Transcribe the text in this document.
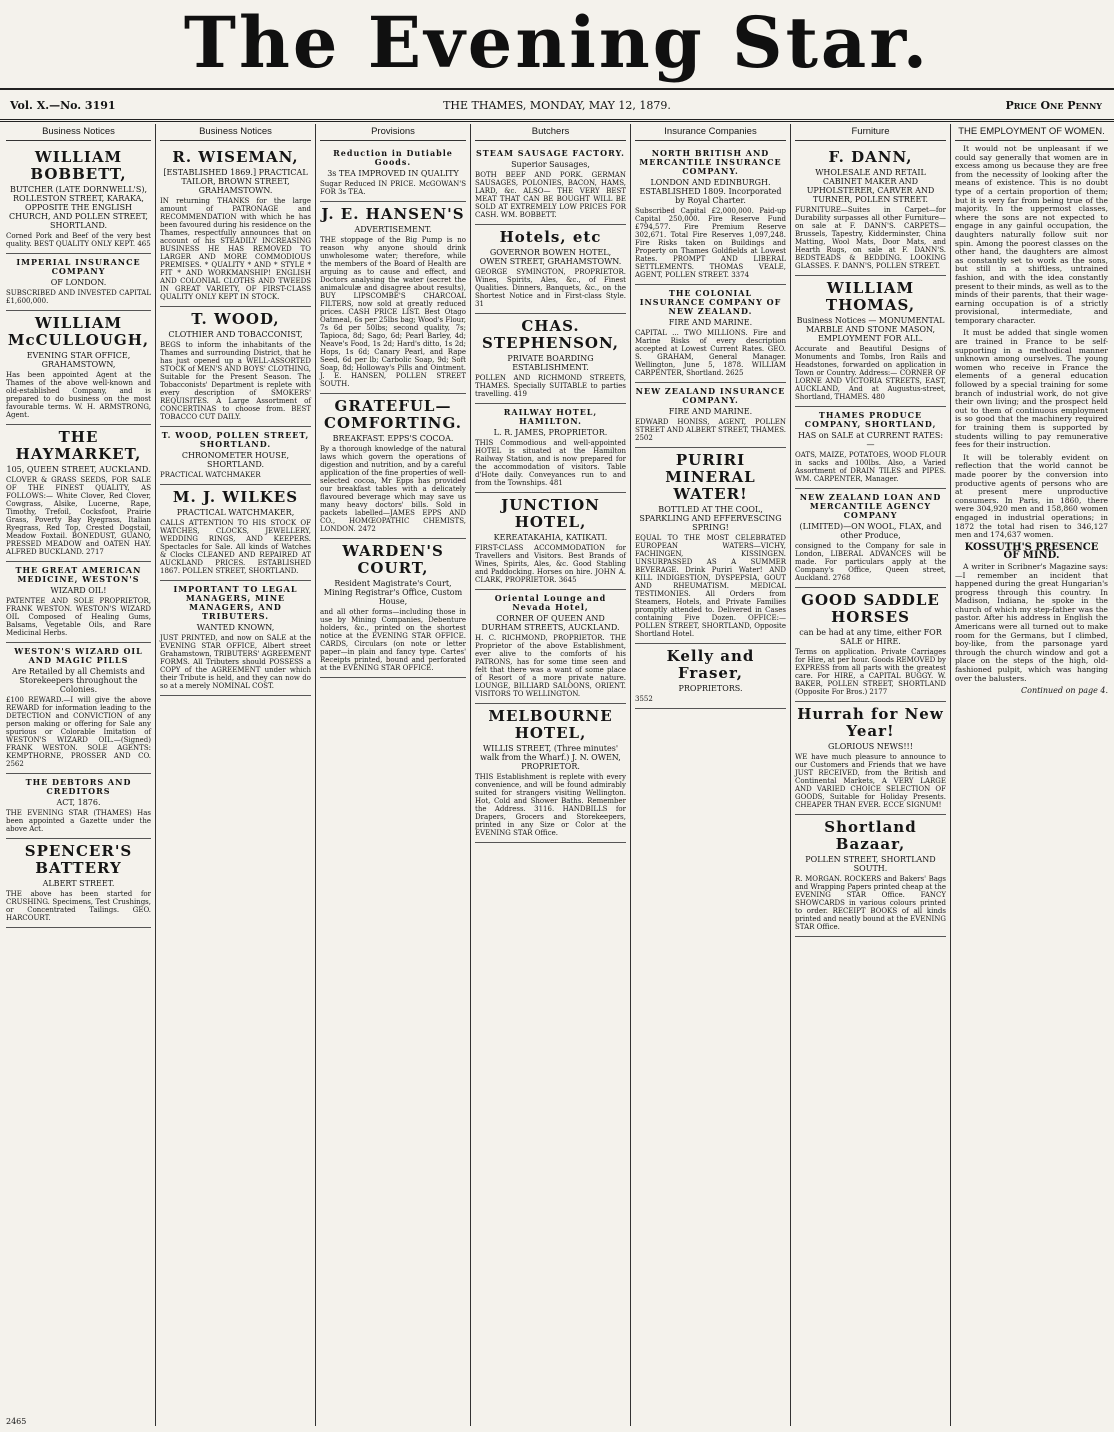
The Evening Star.
Vol. X.—No. 3191	THE THAMES, MONDAY, MAY 12, 1879.	Price One Penny
Business Notices
WILLIAM BOBBETT,
BUTCHER (LATE DORNWELL'S), ROLLESTON STREET, KARAKA, OPPOSITE THE ENGLISH CHURCH, AND POLLEN STREET, SHORTLAND.
Corned Pork and Beef of the very best quality. BEST QUALITY ONLY KEPT. 465
IMPERIAL INSURANCE COMPANY
OF LONDON.
SUBSCRIBED AND INVESTED CAPITAL £1,600,000.
WILLIAM McCULLOUGH,
EVENING STAR OFFICE, GRAHAMSTOWN,
Has been appointed Agent at the Thames of the above well-known and old-established Company, and is prepared to do business on the most favourable terms. W. H. ARMSTRONG, Agent.
THE HAYMARKET,
105, QUEEN STREET, AUCKLAND.
CLOVER & GRASS SEEDS, FOR SALE OF THE FINEST QUALITY, AS FOLLOWS:— White Clover, Red Clover, Cowgrass, Alsike, Lucerne, Rape, Timothy, Trefoil, Cocksfoot, Prairie Grass, Poverty Bay Ryegrass, Italian Ryegrass, Red Top, Crested Dogstail, Meadow Foxtail. BONEDUST, GUANO, PRESSED MEADOW and OATEN HAY. ALFRED BUCKLAND. 2717
THE GREAT AMERICAN MEDICINE, WESTON'S
WIZARD OIL!
PATENTEE AND SOLE PROPRIETOR, FRANK WESTON. WESTON'S WIZARD OIL Composed of Healing Gums, Balsams, Vegetable Oils, and Rare Medicinal Herbs.
WESTON'S WIZARD OIL AND MAGIC PILLS
Are Retailed by all Chemists and Storekeepers throughout the Colonies.
£100 REWARD.—I will give the above REWARD for information leading to the DETECTION and CONVICTION of any person making or offering for Sale any spurious or Colorable Imitation of WESTON'S WIZARD OIL.—(Signed) FRANK WESTON. SOLE AGENTS: KEMPTHORNE, PROSSER AND CO. 2562
THE DEBTORS AND CREDITORS
ACT, 1876.
THE EVENING STAR (THAMES) Has been appointed a Gazette under the above Act.
SPENCER'S BATTERY
ALBERT STREET.
THE above has been started for CRUSHING. Specimens, Test Crushings, or Concentrated Tailings. GEO. HARCOURT.
2465
Business Notices
R. WISEMAN,
[ESTABLISHED 1869.] PRACTICAL TAILOR, BROWN STREET, GRAHAMSTOWN.
IN returning THANKS for the large amount of PATRONAGE and RECOMMENDATION with which he has been favoured during his residence on the Thames, respectfully announces that on account of his STEADILY INCREASING BUSINESS HE HAS REMOVED TO LARGER AND MORE COMMODIOUS PREMISES. * QUALITY * AND * STYLE * FIT * AND WORKMANSHIP! ENGLISH AND COLONIAL CLOTHS AND TWEEDS IN GREAT VARIETY, OF FIRST-CLASS QUALITY ONLY KEPT IN STOCK.
T. WOOD,
CLOTHIER AND TOBACCONIST,
BEGS to inform the inhabitants of the Thames and surrounding District, that he has just opened up a WELL-ASSORTED STOCK of MEN'S AND BOYS' CLOTHING, Suitable for the Present Season. The Tobacconists' Department is replete with every description of SMOKERS' REQUISITES. A Large Assortment of CONCERTINAS to choose from. BEST TOBACCO CUT DAILY.
T. WOOD, POLLEN STREET, SHORTLAND.
CHRONOMETER HOUSE, SHORTLAND.
PRACTICAL WATCHMAKER
M. J. WILKES
PRACTICAL WATCHMAKER,
CALLS ATTENTION TO HIS STOCK OF WATCHES, CLOCKS, JEWELLERY, WEDDING RINGS, AND KEEPERS. Spectacles for Sale. All kinds of Watches & Clocks CLEANED AND REPAIRED AT AUCKLAND PRICES. ESTABLISHED 1867. POLLEN STREET, SHORTLAND.
IMPORTANT TO LEGAL MANAGERS, MINE MANAGERS, AND TRIBUTERS.
WANTED KNOWN,
JUST PRINTED, and now on SALE at the EVENING STAR OFFICE, Albert street Grahamstown, TRIBUTERS' AGREEMENT FORMS. All Tributers should POSSESS a COPY of the AGREEMENT under which their Tribute is held, and they can now do so at a merely NOMINAL COST.
Provisions
Reduction in Dutiable Goods.
3s TEA IMPROVED IN QUALITY
Sugar Reduced IN PRICE. McGOWAN'S FOR 3s TEA.
J. E. HANSEN'S
ADVERTISEMENT.
THE stoppage of the Big Pump is no reason why anyone should drink unwholesome water; therefore, while the members of the Board of Health are arguing as to cause and effect, and Doctors analysing the water (secret the animalculæ and disagree about results), BUY LIPSCOMBE'S CHARCOAL FILTERS, now sold at greatly reduced prices. CASH PRICE LIST. Best Otago Oatmeal, 6s per 25lbs bag; Wood's Flour, 7s 6d per 50lbs; second quality, 7s; Tapioca, 8d; Sago, 6d; Pearl Barley, 4d; Neave's Food, 1s 2d; Hard's ditto, 1s 2d; Hops, 1s 6d; Canary Pearl, and Rape Seed, 6d per lb; Carbolic Soap, 9d; Soft Soap, 8d; Holloway's Pills and Ointment. J. E. HANSEN, POLLEN STREET SOUTH.
GRATEFUL—COMFORTING.
BREAKFAST. EPPS'S COCOA.
By a thorough knowledge of the natural laws which govern the operations of digestion and nutrition, and by a careful application of the fine properties of well-selected cocoa, Mr Epps has provided our breakfast tables with a delicately flavoured beverage which may save us many heavy doctors' bills. Sold in packets labelled—JAMES EPPS AND CO., HOMŒOPATHIC CHEMISTS, LONDON. 2472
WARDEN'S COURT,
Resident Magistrate's Court, Mining Registrar's Office, Custom House,
and all other forms—including those in use by Mining Companies, Debenture holders, &c., printed on the shortest notice at the EVENING STAR OFFICE. CARDS, Circulars (on note or letter paper—in plain and fancy type. Cartes' Receipts printed, bound and perforated at the EVENING STAR OFFICE.
Butchers
STEAM SAUSAGE FACTORY.
Superior Sausages,
BOTH BEEF AND PORK. GERMAN SAUSAGES, POLONIES, BACON, HAMS, LARD, &c. ALSO— THE VERY BEST MEAT THAT CAN BE BOUGHT WILL BE SOLD AT EXTREMELY LOW PRICES FOR CASH. WM. BOBBETT.
Hotels, etc
GOVERNOR BOWEN HOTEL, OWEN STREET, GRAHAMSTOWN.
GEORGE SYMINGTON, PROPRIETOR. Wines, Spirits, Ales, &c., of Finest Qualities. Dinners, Banquets, &c., on the Shortest Notice and in First-class Style. 31
CHAS. STEPHENSON,
PRIVATE BOARDING ESTABLISHMENT.
POLLEN AND RICHMOND STREETS, THAMES. Specially SUITABLE to parties travelling. 419
RAILWAY HOTEL, HAMILTON.
L. R. JAMES, PROPRIETOR.
THIS Commodious and well-appointed HOTEL is situated at the Hamilton Railway Station, and is now prepared for the accommodation of visitors. Table d'Hote daily. Conveyances run to and from the Townships. 481
JUNCTION HOTEL,
KEREATAKAHIA, KATIKATI.
FIRST-CLASS ACCOMMODATION for Travellers and Visitors. Best Brands of Wines, Spirits, Ales, &c. Good Stabling and Paddocking. Horses on hire. JOHN A. CLARK, PROPRIETOR. 3645
Oriental Lounge and Nevada Hotel,
CORNER OF QUEEN AND DURHAM STREETS, AUCKLAND.
H. C. RICHMOND, PROPRIETOR. THE Proprietor of the above Establishment, ever alive to the comforts of his PATRONS, has for some time seen and felt that there was a want of some place of Resort of a more private nature. LOUNGE, BILLIARD SALOONS, ORIENT. VISITORS TO WELLINGTON.
MELBOURNE HOTEL,
WILLIS STREET, (Three minutes' walk from the Wharf.) J. N. OWEN, PROPRIETOR.
THIS Establishment is replete with every convenience, and will be found admirably suited for strangers visiting Wellington. Hot, Cold and Shower Baths. Remember the Address. 3116. HANDBILLS for Drapers, Grocers and Storekeepers, printed in any Size or Color at the EVENING STAR Office.
Insurance Companies
NORTH BRITISH AND MERCANTILE INSURANCE COMPANY.
LONDON AND EDINBURGH. ESTABLISHED 1809. Incorporated by Royal Charter.
Subscribed Capital £2,000,000. Paid-up Capital 250,000. Fire Reserve Fund £794,577. Fire Premium Reserve 302,671. Total Fire Reserves 1,097,248. Fire Risks taken on Buildings and Property on Thames Goldfields at Lowest Rates. PROMPT AND LIBERAL SETTLEMENTS. THOMAS VEALE, AGENT, POLLEN STREET. 3374
THE COLONIAL INSURANCE COMPANY OF NEW ZEALAND.
FIRE AND MARINE.
CAPITAL ... TWO MILLIONS. Fire and Marine Risks of every description accepted at Lowest Current Rates. GEO. S. GRAHAM, General Manager. Wellington, June 5, 1878. WILLIAM CARPENTER, Shortland. 2625
NEW ZEALAND INSURANCE COMPANY.
FIRE AND MARINE.
EDWARD HONISS, AGENT, POLLEN STREET AND ALBERT STREET, THAMES. 2502
PURIRI MINERAL WATER!
BOTTLED AT THE COOL, SPARKLING AND EFFERVESCING SPRING!
EQUAL TO THE MOST CELEBRATED EUROPEAN WATERS—VICHY, FACHINGEN, KISSINGEN. UNSURPASSED AS A SUMMER BEVERAGE. Drink Puriri Water! AND KILL INDIGESTION, DYSPEPSIA, GOUT AND RHEUMATISM. MEDICAL TESTIMONIES. All Orders from Steamers, Hotels, and Private Families promptly attended to. Delivered in Cases containing Five Dozen. OFFICE:— POLLEN STREET, SHORTLAND, Opposite Shortland Hotel.
Kelly and Fraser,
PROPRIETORS.
3552
Furniture
F. DANN,
WHOLESALE AND RETAIL CABINET MAKER AND UPHOLSTERER, CARVER AND TURNER, POLLEN STREET.
FURNITURE—Suites in Carpet—for Durability surpasses all other Furniture—on sale at F. DANN'S. CARPETS—Brussels, Tapestry, Kidderminster, China Matting, Wool Mats, Door Mats, and Hearth Rugs, on sale at F. DANN'S. BEDSTEADS & BEDDING. LOOKING GLASSES. F. DANN'S, POLLEN STREET.
WILLIAM THOMAS,
Business Notices — MONUMENTAL MARBLE AND STONE MASON, EMPLOYMENT FOR ALL.
Accurate and Beautiful Designs of Monuments and Tombs, Iron Rails and Headstones, forwarded on application in Town or Country. Address:— CORNER OF LORNE AND VICTORIA STREETS, EAST, AUCKLAND, And at Augustus-street, Shortland, THAMES. 480
THAMES PRODUCE COMPANY, SHORTLAND,
HAS on SALE at CURRENT RATES:—
OATS, MAIZE, POTATOES, WOOD FLOUR in sacks and 100lbs. Also, a Varied Assortment of DRAIN TILES and PIPES. WM. CARPENTER, Manager.
NEW ZEALAND LOAN AND MERCANTILE AGENCY COMPANY
(LIMITED)—ON WOOL, FLAX, and other Produce,
consigned to the Company for sale in London, LIBERAL ADVANCES will be made. For particulars apply at the Company's Office, Queen street, Auckland. 2768
GOOD SADDLE HORSES
can be had at any time, either FOR SALE or HIRE.
Terms on application. Private Carriages for Hire, at per hour. Goods REMOVED by EXPRESS from all parts with the greatest care. For HIRE, a CAPITAL BUGGY. W. BAKER, POLLEN STREET, SHORTLAND (Opposite For Bros.) 2177
Hurrah for New Year!
GLORIOUS NEWS!!!
WE have much pleasure to announce to our Customers and Friends that we have JUST RECEIVED, from the British and Continental Markets, A VERY LARGE AND VARIED CHOICE SELECTION OF GOODS, Suitable for Holiday Presents. CHEAPER THAN EVER. ECCE SIGNUM!
Shortland Bazaar,
POLLEN STREET, SHORTLAND SOUTH.
R. MORGAN. ROCKERS and Bakers' Bags and Wrapping Papers printed cheap at the EVENING STAR Office. FANCY SHOWCARDS in various colours printed to order. RECEIPT BOOKS of all kinds printed and neatly bound at the EVENING STAR Office.
THE EMPLOYMENT OF WOMEN.

It would not be unpleasant if we could say generally that women are in excess among us because they are free from the necessity of looking after the means of existence. This is no doubt type of a certain proportion of them; but it is very far from being true of the majority. In the uppermost classes, where the sons are not expected to engage in any gainful occupation, the daughters naturally follow suit nor spin. Among the poorest classes on the other hand, the daughters are almost as constantly set to work as the sons, but still in a shiftless, untrained fashion, and with the idea constantly present to their minds, as well as to the minds of their parents, that their wage-earning occupation is of a strictly provisional, intermediate, and temporary character.

It must be added that single women are trained in France to be self-supporting in a methodical manner unknown among ourselves. The young women who receive in France the elements of a general education followed by a special training for some branch of industrial work, do not give their own living; and the prospect held out to them of continuous employment is so good that the machinery required for training them is supported by students willing to pay remunerative fees for their instruction.

It will be tolerably evident on reflection that the world cannot be made poorer by the conversion into productive agents of persons who are at present mere unproductive consumers. In Paris, in 1860, there were 304,920 men and 158,860 women engaged in industrial operations; in 1872 the total had risen to 346,127 men and 174,637 women.

KOSSUTH'S PRESENCE OF MIND.

A writer in Scribner's Magazine says:—I remember an incident that happened during the great Hungarian's progress through this country. In Madison, Indiana, he spoke in the church of which my step-father was the pastor. After his address in English the Americans were all turned out to make room for the Germans, but I climbed, boy-like, from the parsonage yard through the church window and got a place on the steps of the high, old-fashioned pulpit, which was hanging over the balusters.

Continued on page 4.
